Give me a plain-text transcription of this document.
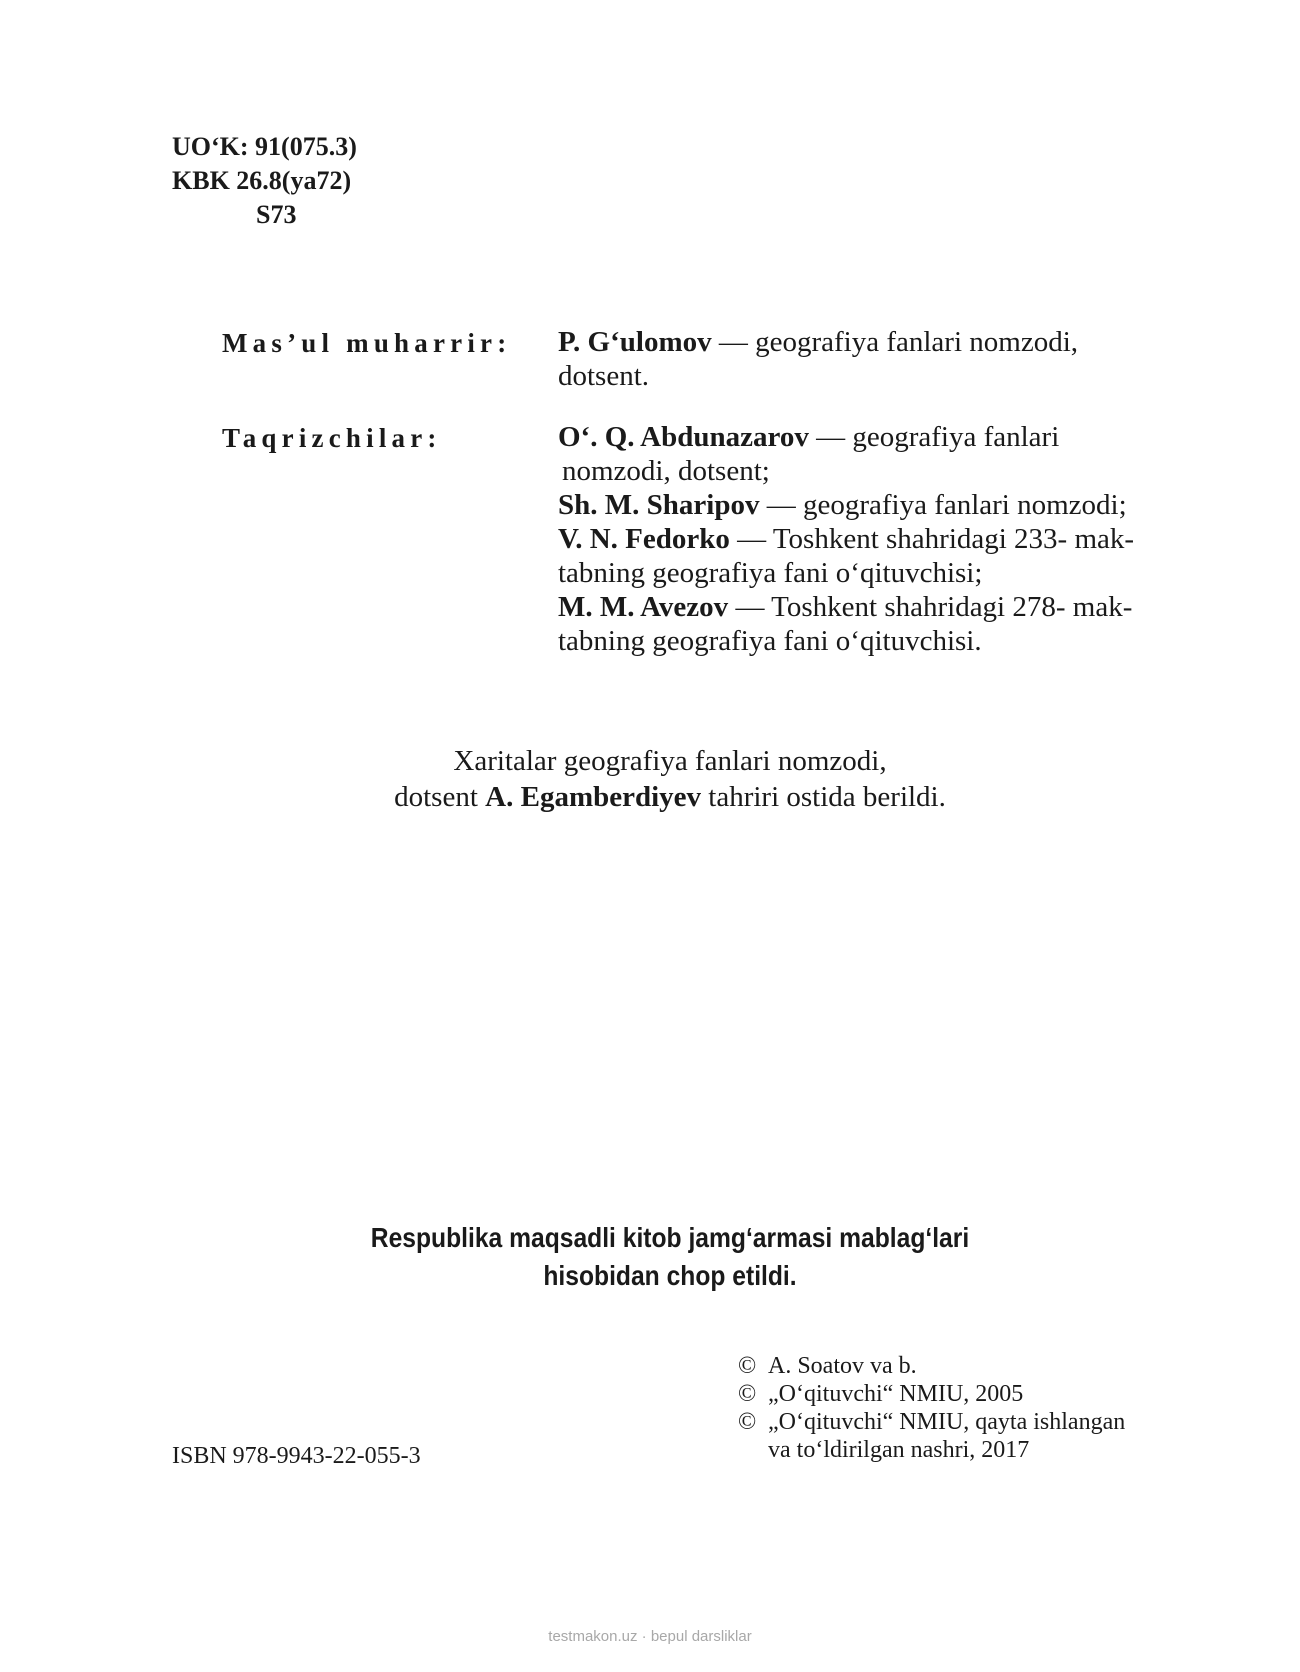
UO‘K: 91(075.3)
KBK 26.8(ya72)
S73
Mas’ul muharrir: P. G‘ulomov — geografiya fanlari nomzodi,
dotsent.
Taqrizchilar:	O‘. Q. Abdunazarov — geografiya fanlari
nomzodi, dotsent;
Sh. M. Sharipov — geografiya fanlari nomzodi;
V. N. Fedorko — Toshkent shahridagi 233- mak-
tabning geografiya fani o‘qituvchisi;
M. M. Avezov — Toshkent shahridagi 278- mak-
tabning geografiya fani o‘qituvchisi.
Xaritalar geografiya fanlari nomzodi,
dotsent A. Egamberdiyev tahriri ostida berildi.
Respublika maqsadli kitob jamg‘armasi mablag‘lari
hisobidan chop etildi.
© A. Soatov va b.
© „O‘qituvchi“ NMIU, 2005
© „O‘qituvchi“ NMIU, qayta ishlangan
va to‘ldirilgan nashri, 2017
ISBN 978-9943-22-055-3
testmakon.uz · bepul darsliklar
